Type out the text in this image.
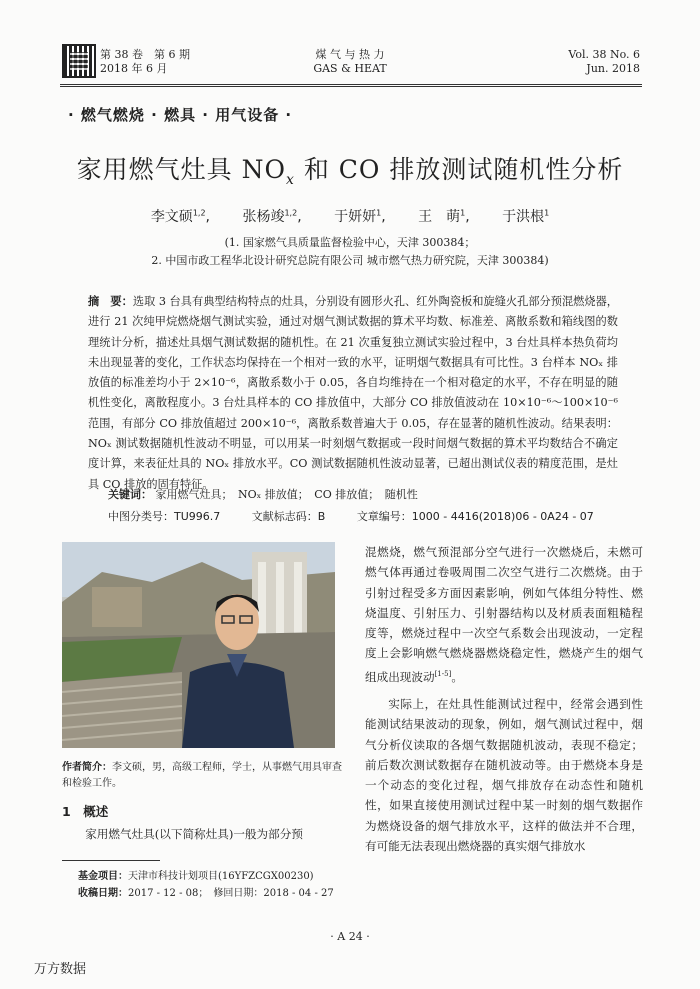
第 38 卷　第 6 期
2018 年 6 月
煤 气 与 热 力
GAS & HEAT
Vol. 38 No. 6
Jun. 2018
· 燃气燃烧 · 燃具 · 用气设备 ·
家用燃气灶具 $NO_x$ 和 CO 排放测试随机性分析
李文硕$^{1,2}$, 张杨竣$^{1,2}$, 于妍妍$^1$, 王　萌$^1$, 于洪根$^1$
(1. 国家燃气具质量监督检验中心，天津 300384；
2. 中国市政工程华北设计研究总院有限公司 城市燃气热力研究院，天津 300384)
摘　要：选取 3 台具有典型结构特点的灶具，分别设有圆形火孔、红外陶瓷板和旋缝火孔部分预混燃烧器，进行 21 次纯甲烷燃烧烟气测试实验，通过对烟气测试数据的算术平均数、标准差、离散系数和箱线图的数理统计分析，描述灶具烟气测试数据的随机性。在 21 次重复独立测试实验过程中，3 台灶具样本热负荷均未出现显著的变化，工作状态均保持在一个相对一致的水平，证明烟气数据具有可比性。3 台样本 NOₓ 排放值的标准差均小于 2×10⁻⁶，离散系数小于 0.05，各自均维持在一个相对稳定的水平，不存在明显的随机性变化，离散程度小。3 台灶具样本的 CO 排放值中，大部分 CO 排放值波动在 10×10⁻⁶～100×10⁻⁶ 范围，有部分 CO 排放值超过 200×10⁻⁶，离散系数普遍大于 0.05，存在显著的随机性波动。结果表明：NOₓ 测试数据随机性波动不明显，可以用某一时刻烟气数据或一段时间烟气数据的算术平均数结合不确定度计算，来表征灶具的 NOₓ 排放水平。CO 测试数据随机性波动显著，已超出测试仪表的精度范围，是灶具 CO 排放的固有特征。
关键词： 家用燃气灶具；　NOₓ 排放值；　CO 排放值；　随机性
中图分类号：TU996.7	文献标志码：B	文章编号：1000 - 4416(2018)06 - 0A24 - 07
作者简介：李文硕，男，高级工程师，学士，从事燃气用具审查和检验工作。
1　概述
家用燃气灶具(以下简称灶具)一般为部分预

混燃烧，燃气预混部分空气进行一次燃烧后，未燃可燃气体再通过卷吸周围二次空气进行二次燃烧。由于引射过程受多方面因素影响，例如气体组分特性、燃烧温度、引射压力、引射器结构以及材质表面粗糙程度等，燃烧过程中一次空气系数会出现波动，一定程度上会影响燃气燃烧器燃烧稳定性，燃烧产生的烟气组成出现波动[1-5]。

实际上，在灶具性能测试过程中，经常会遇到性能测试结果波动的现象，例如，烟气测试过程中，烟气分析仪读取的各烟气数据随机波动，表现不稳定；前后数次测试数据存在随机波动等。由于燃烧本身是一个动态的变化过程，烟气排放存在动态性和随机性，如果直接使用测试过程中某一时刻的烟气数据作为燃烧设备的烟气排放水平，这样的做法并不合理，有可能无法表现出燃烧器的真实烟气排放水

基金项目：天津市科技计划项目(16YFZCGX00230)
收稿日期：2017 - 12 - 08；　修回日期：2018 - 04 - 27
· A 24 ·
万方数据
